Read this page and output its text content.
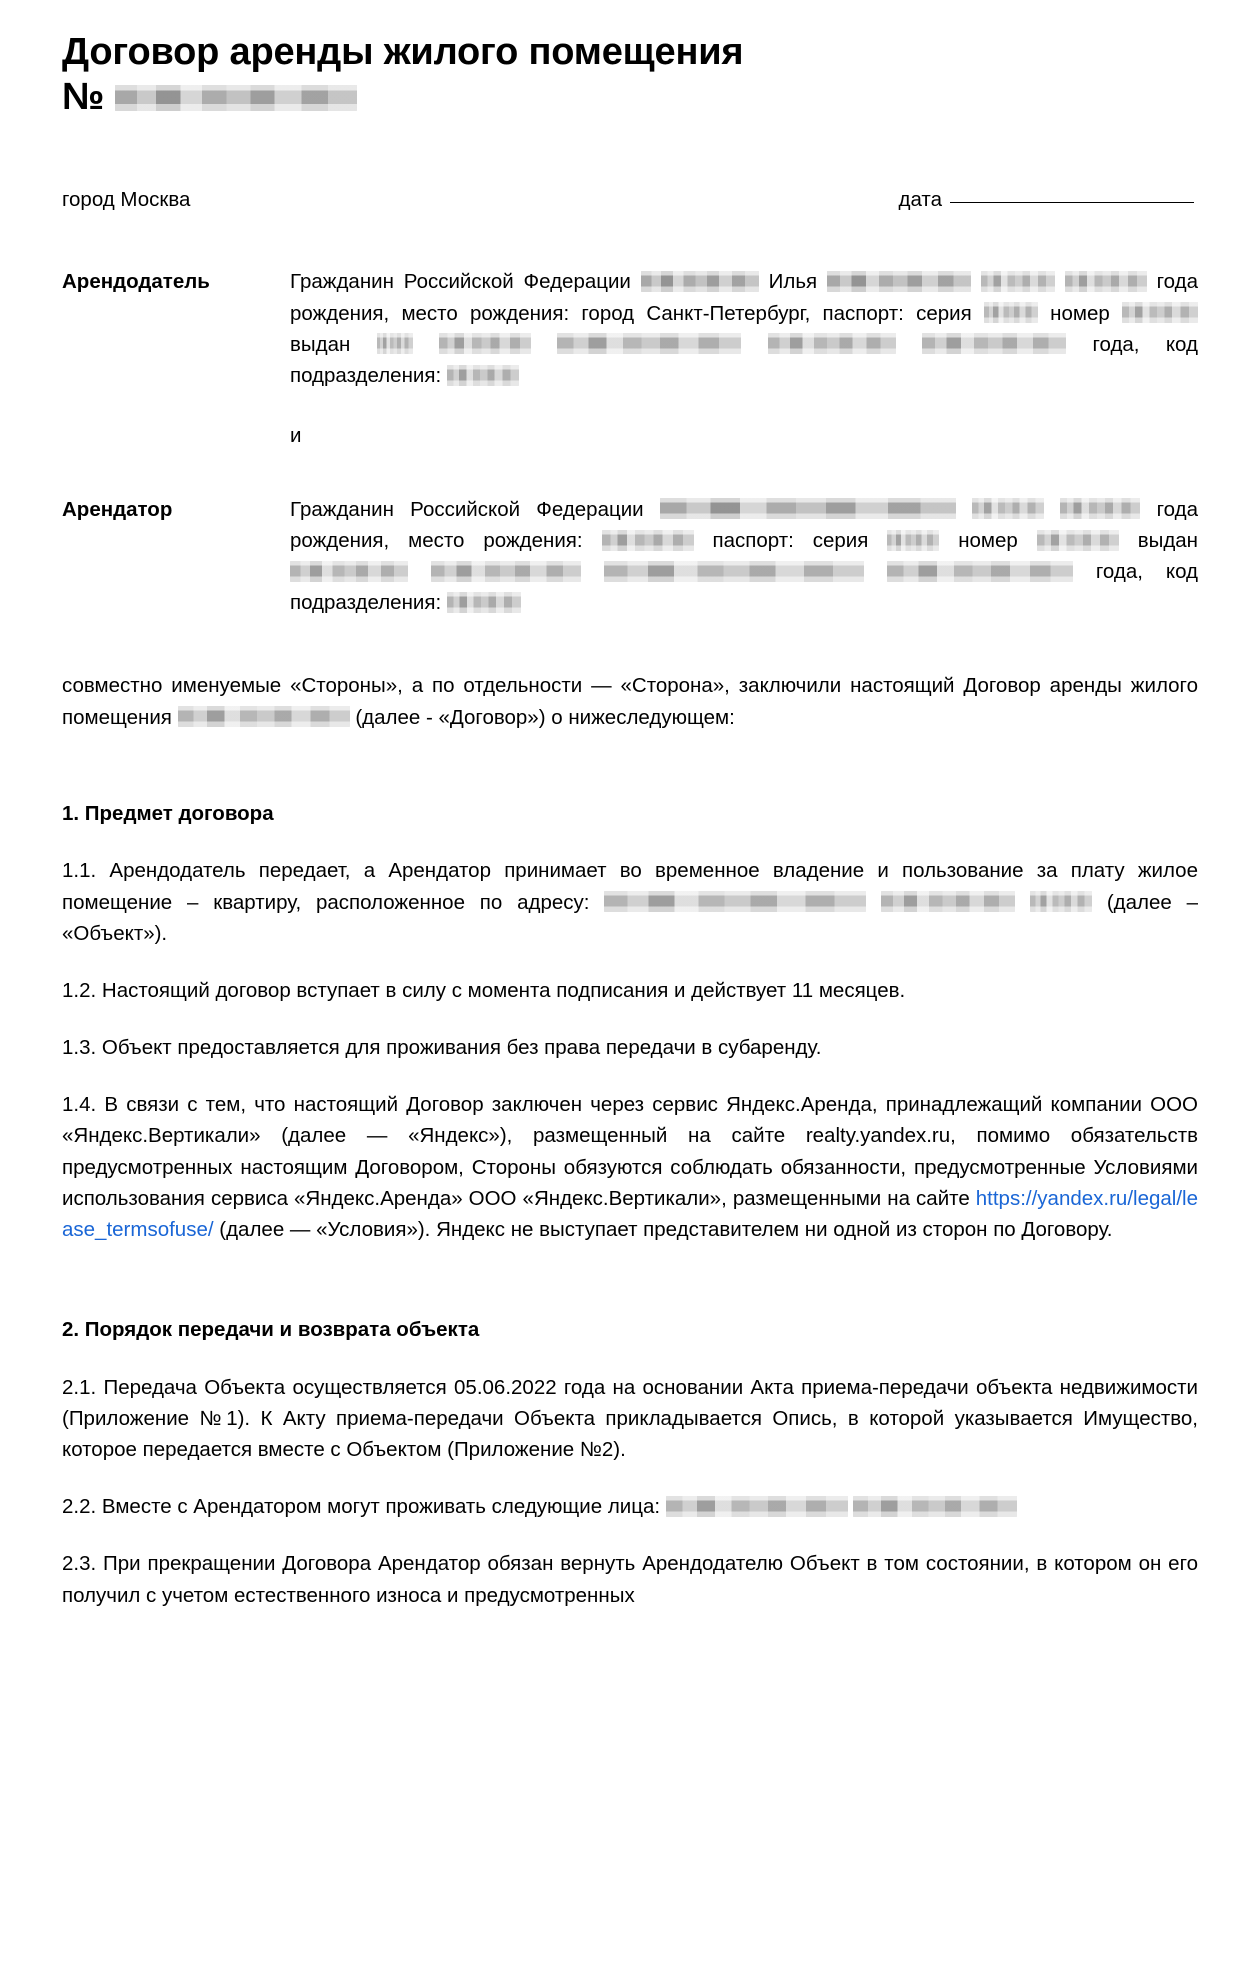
Договор аренды жилого помещения
№
город Москва	дата
Арендодатель	Гражданин Российской Федерации	Илья	года рождения, место рождения: город Санкт-Петербург, паспорт: серия	номер  выдан	года, код подразделения:

и
Арендатор	Гражданин Российской Федерации	года рождения, место рождения:	паспорт: серия	номер	выдан     года, код подразделения:

совместно именуемые «Стороны», а по отдельности — «Сторона», заключили настоящий Договор аренды жилого помещения	(далее - «Договор») о нижеследующем:

1. Предмет договора

1.1. Арендодатель передает, а Арендатор принимает во временное владение и пользование за плату жилое помещение – квартиру, расположенное по адресу:	(далее – «Объект»).

1.2. Настоящий договор вступает в силу с момента подписания и действует 11 месяцев.

1.3. Объект предоставляется для проживания без права передачи в субаренду.

1.4. В связи с тем, что настоящий Договор заключен через сервис Яндекс.Аренда, принадлежащий компании ООО «Яндекс.Вертикали» (далее — «Яндекс»), размещенный на сайте realty.yandex.ru, помимо обязательств предусмотренных настоящим Договором, Стороны обязуются соблюдать обязанности, предусмотренные Условиями использования сервиса «Яндекс.Аренда» ООО «Яндекс.Вертикали», размещенными на сайте https://yandex.ru/legal/lease_termsofuse/ (далее — «Условия»). Яндекс не выступает представителем ни одной из сторон по Договору.

2. Порядок передачи и возврата объекта

2.1. Передача Объекта осуществляется 05.06.2022 года на основании Акта приема-передачи объекта недвижимости (Приложение №1). К Акту приема-передачи Объекта прикладывается Опись, в которой указывается Имущество, которое передается вместе с Объектом (Приложение №2).

2.2. Вместе с Арендатором могут проживать следующие лица:

2.3. При прекращении Договора Арендатор обязан вернуть Арендодателю Объект в том состоянии, в котором он его получил с учетом естественного износа и предусмотренных
